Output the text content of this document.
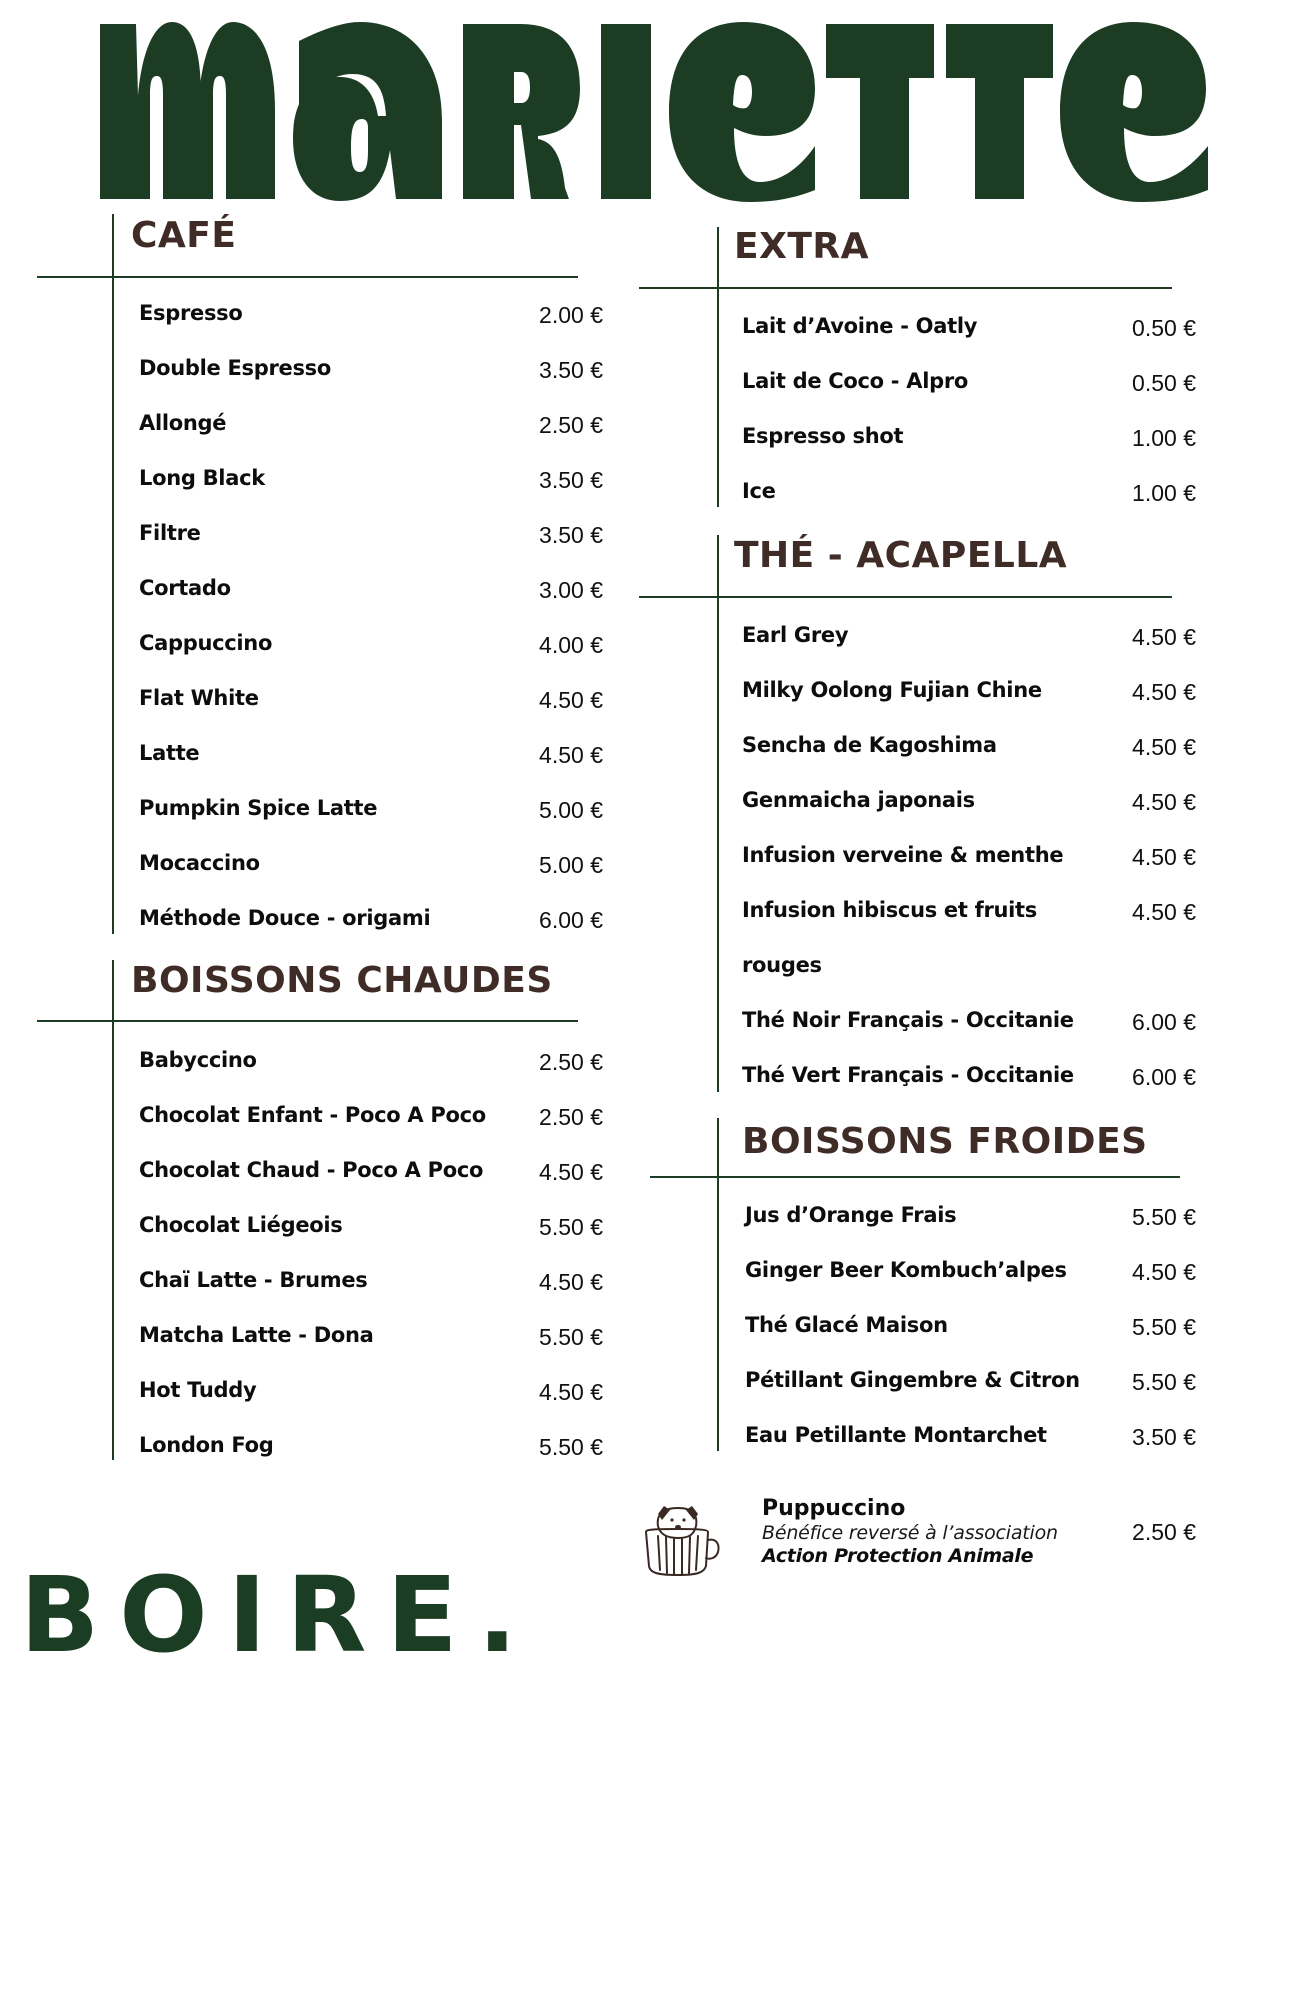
CAFÉ
Espresso	2.00 €
Double Espresso	3.50 €
Allongé	2.50 €
Long Black	3.50 €
Filtre	3.50 €
Cortado	3.00 €
Cappuccino	4.00 €
Flat White	4.50 €
Latte	4.50 €
Pumpkin Spice Latte	5.00 €
Mocaccino	5.00 €
Méthode Douce - origami	6.00 €
BOISSONS CHAUDES
Babyccino	2.50 €
Chocolat Enfant - Poco A Poco	2.50 €
Chocolat Chaud - Poco A Poco	4.50 €
Chocolat Liégeois	5.50 €
Chaï Latte - Brumes	4.50 €
Matcha Latte - Dona	5.50 €
Hot Tuddy	4.50 €
London Fog	5.50 €
EXTRA
Lait d’Avoine - Oatly	0.50 €
Lait de Coco - Alpro	0.50 €
Espresso shot	1.00 €
Ice	1.00 €
THÉ - ACAPELLA
Earl Grey	4.50 €
Milky Oolong Fujian Chine	4.50 €
Sencha de Kagoshima	4.50 €
Genmaicha japonais	4.50 €
Infusion verveine & menthe	4.50 €
Infusion hibiscus et fruits	4.50 €
rouges
Thé Noir Français - Occitanie	6.00 €
Thé Vert Français - Occitanie	6.00 €
BOISSONS FROIDES
Jus d’Orange Frais	5.50 €
Ginger Beer Kombuch’alpes	4.50 €
Thé Glacé Maison	5.50 €
Pétillant Gingembre & Citron	5.50 €
Eau Petillante Montarchet	3.50 €
Puppuccino
Bénéfice reversé à l’association
Action Protection Animale
2.50 €
BOIRE.
